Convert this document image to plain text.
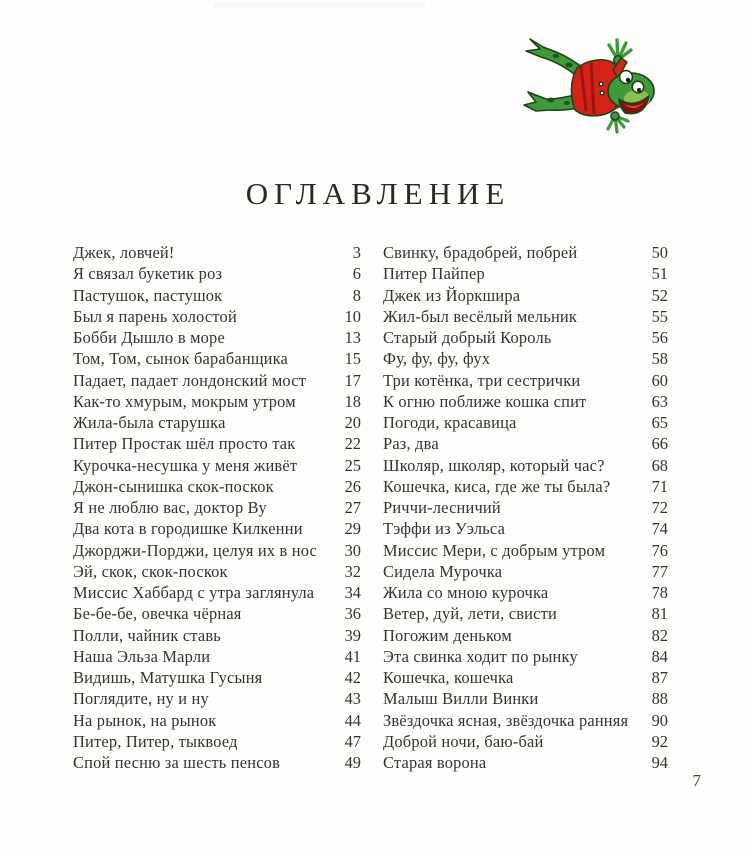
ОГЛАВЛЕНИЕ
Джек, ловчей!	3
Я связал букетик роз	6
Пастушок, пастушок	8
Был я парень холостой	10
Бобби Дышло в море	13
Том, Том, сынок барабанщика	15
Падает, падает лондонский мост 17
Как-то хмурым, мокрым утром	18
Жила-была старушка	20
Питер Простак шёл просто так	22
Курочка-несушка у меня живёт	25
Джон-сынишка скок-поскок	26
Я не люблю вас, доктор Ву	27
Два кота в городишке Килкенни	29
Джорджи-Порджи, целуя их в нос 30
Эй, скок, скок-поскок	32
Миссис Хаббард с утра заглянула 34
Бе-бе-бе, овечка чёрная	36
Полли, чайник ставь	39
Наша Эльза Марли	41
Видишь, Матушка Гусыня	42
Поглядите, ну и ну	43
На рынок, на рынок	44
Питер, Питер, тыквоед	47
Спой песню за шесть пенсов	49
Свинку, брадобрей, побрей	50
Питер Пайпер	51
Джек из Йоркшира	52
Жил-был весёлый мельник	55
Старый добрый Король	56
Фу, фу, фу, фух	58
Три котёнка, три сестрички	60
К огню поближе кошка спит	63
Погоди, красавица	65
Раз, два	66
Школяр, школяр, который час?	68
Кошечка, киса, где же ты была?	71
Риччи-лесничий	72
Тэффи из Уэльса	74
Миссис Мери, с добрым утром	76
Сидела Мурочка	77
Жила со мною курочка	78
Ветер, дуй, лети, свисти	81
Погожим деньком	82
Эта свинка ходит по рынку	84
Кошечка, кошечка	87
Малыш Вилли Винки	88
Звёздочка ясная, звёздочка ранняя 90
Доброй ночи, баю-бай	92
Старая ворона	94
7
